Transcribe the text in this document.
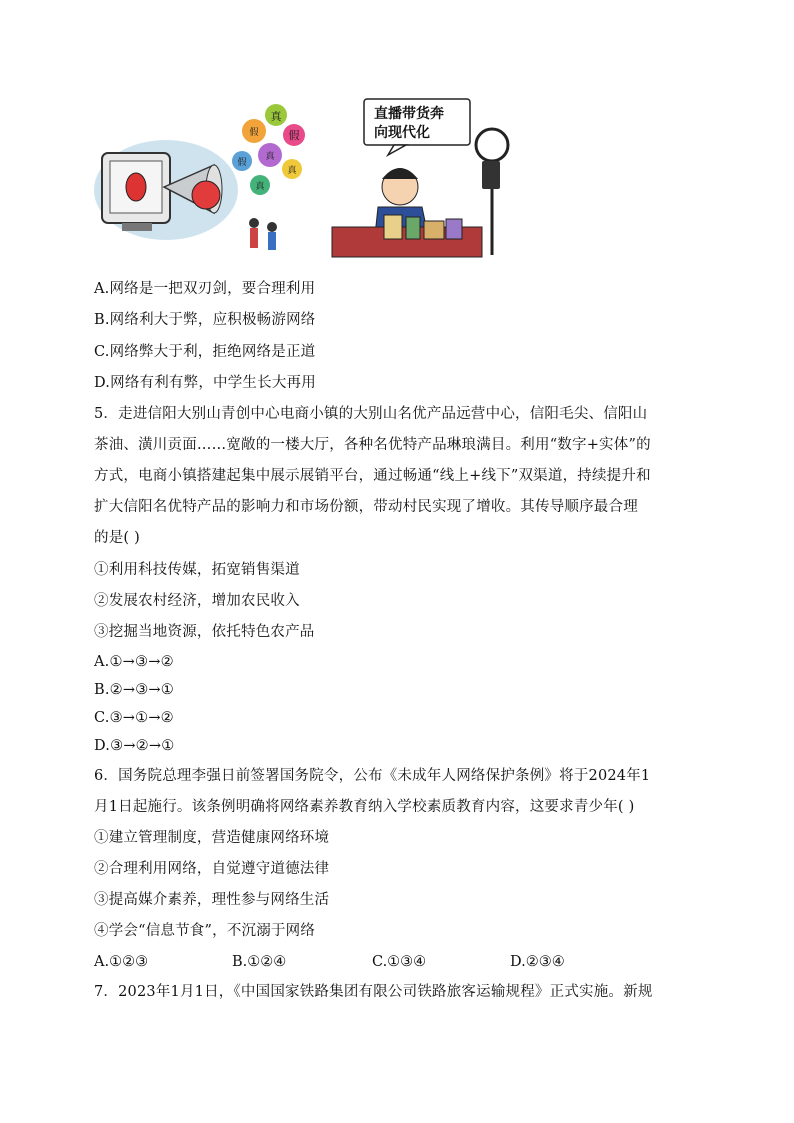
真
假
假
真
假
真
真
直播带货奔
向现代化
A.网络是一把双刃剑，要合理利用
B.网络利大于弊，应积极畅游网络
C.网络弊大于利，拒绝网络是正道
D.网络有利有弊，中学生长大再用
5．走进信阳大别山青创中心电商小镇的大别山名优产品远营中心，信阳毛尖、信阳山
茶油、潢川贡面……宽敞的一楼大厅，各种名优特产品琳琅满目。利用“数字+实体”的
方式，电商小镇搭建起集中展示展销平台，通过畅通“线上+线下”双渠道，持续提升和
扩大信阳名优特产品的影响力和市场份额，带动村民实现了增收。其传导顺序最合理
的是( )
①利用科技传媒，拓宽销售渠道
②发展农村经济，增加农民收入
③挖掘当地资源，依托特色农产品
A.①→③→②
B.②→③→①
C.③→①→②
D.③→②→①
6．国务院总理李强日前签署国务院令，公布《未成年人网络保护条例》将于2024年1
月1日起施行。该条例明确将网络素养教育纳入学校素质教育内容，这要求青少年( )
①建立管理制度，营造健康网络环境
②合理利用网络，自觉遵守道德法律
③提高媒介素养，理性参与网络生活
④学会“信息节食”，不沉溺于网络
A.①②③	B.①②④	C.①③④	D.②③④
7．2023年1月1日，《中国国家铁路集团有限公司铁路旅客运输规程》正式实施。新规
